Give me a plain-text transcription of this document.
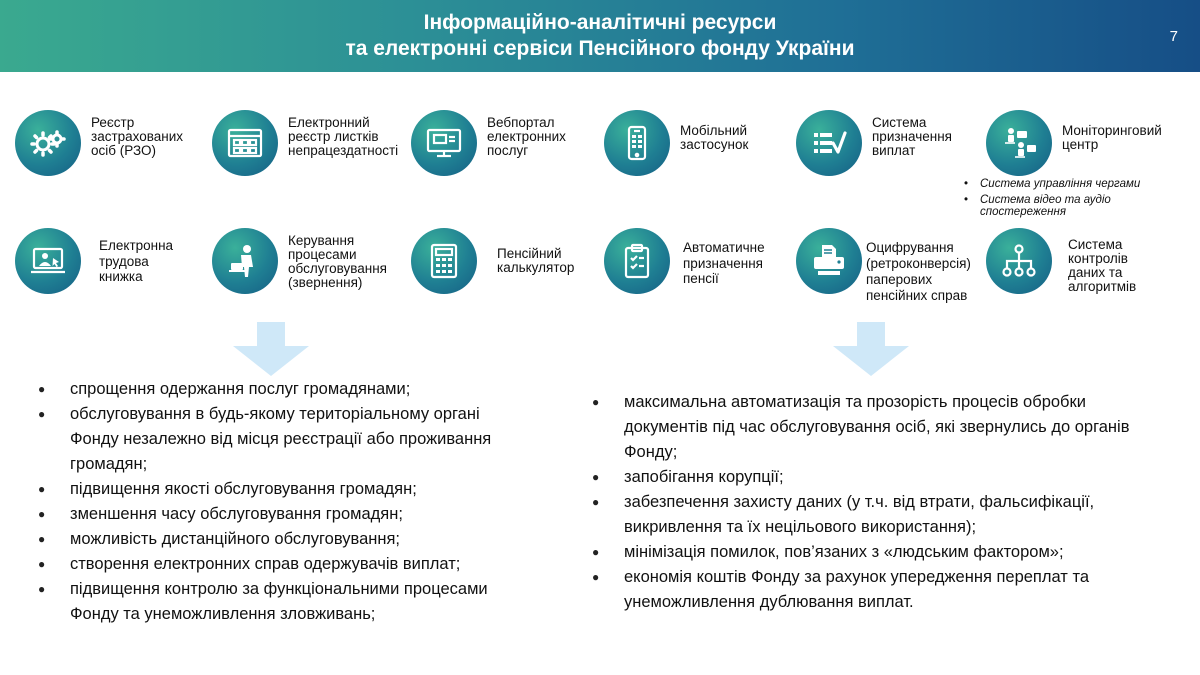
Інформаційно-аналітичні ресурси
та електронні сервіси Пенсійного фонду України
7
Реєстр
застрахованих
осіб (РЗО)
Електронний
реєстр листків
непрацездатності
Вебпортал
електронних
послуг
Мобільний
застосунок
Система
призначення
виплат
Моніторинговий
центр
• Система управління чергами
• Система відео та аудіо спостереження
Електронна
трудова
книжка
Керування
процесами
обслуговування
(звернення)
Пенсійний
калькулятор
Автоматичне
призначення
пенсії
Оцифрування
(ретроконверсія)
паперових
пенсійних справ
Система
контролів
даних та
алгоритмів
● спрощення одержання послуг громадянами;
● обслуговування в будь-якому територіальному органі Фонду незалежно від місця реєстрації або проживання громадян;
● підвищення якості обслуговування громадян;
● зменшення часу обслуговування громадян;
● можливість дистанційного обслуговування;
● створення електронних справ одержувачів виплат;
● підвищення контролю за функціональними процесами Фонду та унеможливлення зловживань;
● максимальна автоматизація та прозорість процесів обробки документів під час обслуговування осіб, які звернулись до органів Фонду;
● запобігання корупції;
● забезпечення захисту даних (у т.ч. від втрати, фальсифікації, викривлення та їх нецільового використання);
● мінімізація помилок, пов’язаних з «людським фактором»;
● економія коштів Фонду за рахунок упередження переплат та унеможливлення дублювання виплат.
